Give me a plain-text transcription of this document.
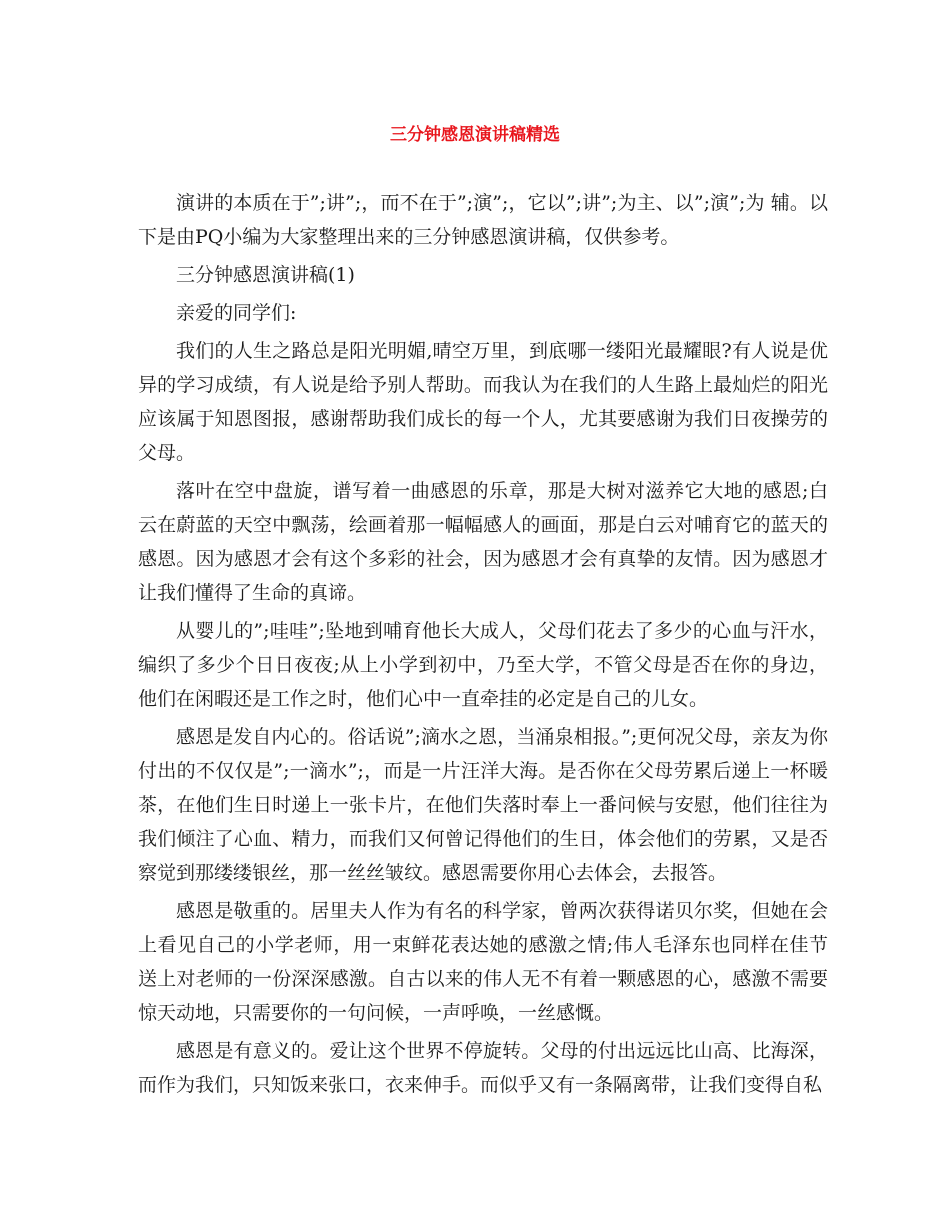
三分钟感恩演讲稿精选

演讲的本质在于”;讲”;，而不在于”;演”;，它以”;讲”;为主、以”;演”;为 辅。以下是由PQ小编为大家整理出来的三分钟感恩演讲稿，仅供参考。

三分钟感恩演讲稿(1)

亲爱的同学们:

我们的人生之路总是阳光明媚,晴空万里，到底哪一缕阳光最耀眼?有人说是优异的学习成绩，有人说是给予别人帮助。而我认为在我们的人生路上最灿烂的阳光应该属于知恩图报，感谢帮助我们成长的每一个人，尤其要感谢为我们日夜操劳的父母。

落叶在空中盘旋，谱写着一曲感恩的乐章，那是大树对滋养它大地的感恩;白云在蔚蓝的天空中飘荡，绘画着那一幅幅感人的画面，那是白云对哺育它的蓝天的感恩。因为感恩才会有这个多彩的社会，因为感恩才会有真挚的友情。因为感恩才让我们懂得了生命的真谛。

从婴儿的”;哇哇”;坠地到哺育他长大成人，父母们花去了多少的心血与汗水，编织了多少个日日夜夜;从上小学到初中，乃至大学，不管父母是否在你的身边，他们在闲暇还是工作之时，他们心中一直牵挂的必定是自己的儿女。

感恩是发自内心的。俗话说”;滴水之恩，当涌泉相报。”;更何况父母，亲友为你付出的不仅仅是”;一滴水”;，而是一片汪洋大海。是否你在父母劳累后递上一杯暖茶，在他们生日时递上一张卡片，在他们失落时奉上一番问候与安慰，他们往往为我们倾注了心血、精力，而我们又何曾记得他们的生日，体会他们的劳累，又是否察觉到那缕缕银丝，那一丝丝皱纹。感恩需要你用心去体会，去报答。

感恩是敬重的。居里夫人作为有名的科学家，曾两次获得诺贝尔奖，但她在会上看见自己的小学老师，用一束鲜花表达她的感激之情;伟人毛泽东也同样在佳节送上对老师的一份深深感激。自古以来的伟人无不有着一颗感恩的心，感激不需要惊天动地，只需要你的一句问候，一声呼唤，一丝感慨。

感恩是有意义的。爱让这个世界不停旋转。父母的付出远远比山高、比海深，而作为我们，只知饭来张口，衣来伸手。而似乎又有一条隔离带，让我们变得自私
